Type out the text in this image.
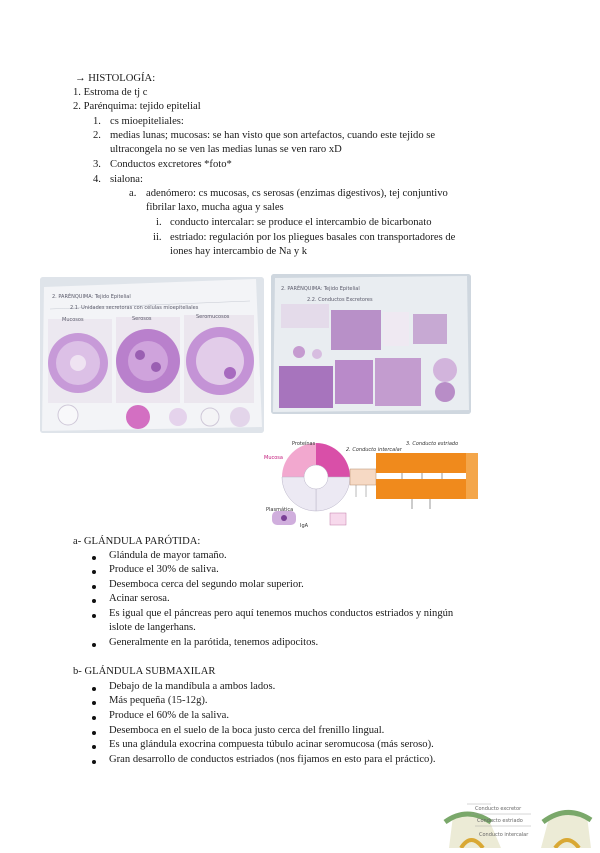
→ HISTOLOGÍA:
1. Estroma de tj c
2. Parénquima: tejido epitelial
1. cs mioepiteliales:
2. medias lunas; mucosas: se han visto que son artefactos, cuando este tejido se
ultracongela no se ven las medias lunas se ven raro xD
3. Conductos excretores *foto*
4. sialona:
a. adenómero: cs mucosas, cs serosas (enzimas digestivos), tej conjuntivo
fibrilar laxo, mucha agua y sales
i. conducto intercalar: se produce el intercambio de bicarbonato
ii. estriado: regulación por los pliegues basales con transportadores de
iones hay intercambio de Na y k
2. PARÉNQUIMA: Tejido Epitelial
2.1. Unidades secretoras con células mioepiteliales
Mucosos	Serosos	Seromucosos
2. PARÉNQUIMA: Tejido Epitelial
2.2. Conductos Excretores
Proteínas
Mucosa
2. Conducto intercalar
3. Conducto estriado
Plasmática
IgA
a- GLÁNDULA PARÓTIDA:
Glándula de mayor tamaño.
Produce el 30% de saliva.
Desemboca cerca del segundo molar superior.
Acinar serosa.
Es igual que el páncreas pero aquí tenemos muchos conductos estriados y ningún
islote de langerhans.
Generalmente en la parótida, tenemos adipocitos.
b- GLÁNDULA SUBMAXILAR
Debajo de la mandíbula a ambos lados.
Más pequeña (15-12g).
Produce el 60% de la saliva.
Desemboca en el suelo de la boca justo cerca del frenillo lingual.
Es una glándula exocrina compuesta túbulo acinar seromucosa (más seroso).
Gran desarrollo de conductos estriados (nos fijamos en esto para el práctico).
Conducto excretor
Conducto estriado
Conducto intercalar
